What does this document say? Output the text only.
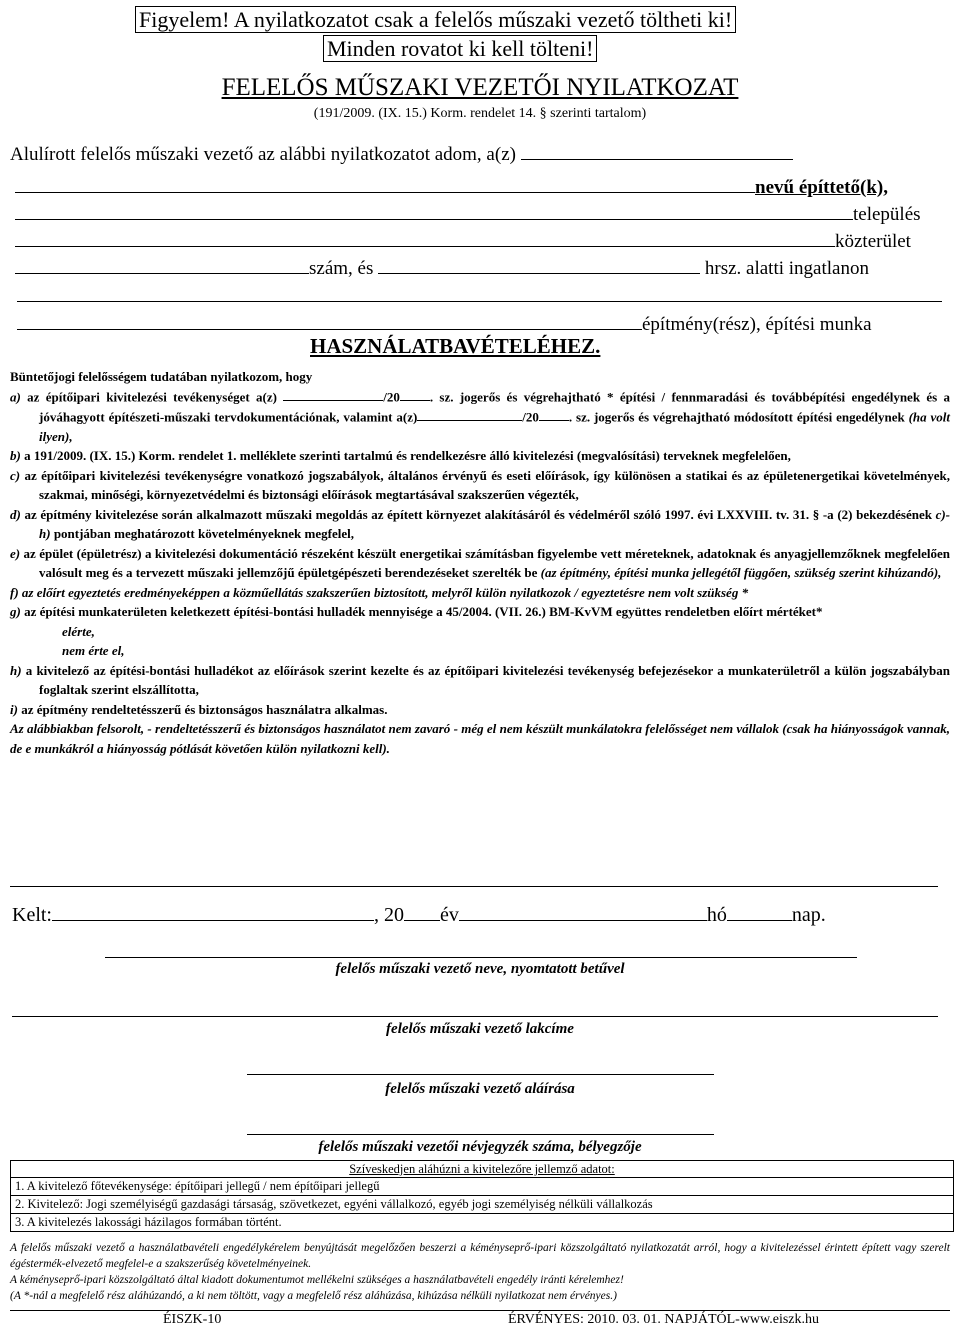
Figyelem! A nyilatkozatot csak a felelős műszaki vezető töltheti ki!
Minden rovatot ki kell tölteni!
FELELŐS MŰSZAKI VEZETŐI NYILATKOZAT
(191/2009. (IX. 15.) Korm. rendelet 14. § szerinti tartalom)
Alulírott felelős műszaki vezető az alábbi nyilatkozatot adom, a(z)
nevű építtető(k),
település
közterület
szám, és	hrsz. alatti ingatlanon
építmény(rész), építési munka
HASZNÁLATBAVÉTELÉHEZ.

Büntetőjogi felelősségem tudatában nyilatkozom, hogy

a) az építőipari kivitelezési tevékenységet a(z)	/20 . sz. jogerős és végrehajtható * építési / fennmaradási és továbbépítési engedélynek és a jóváhagyott építészeti-műszaki tervdokumentációnak, valamint a(z)	/20 . sz. jogerős és végrehajtható módosított építési engedélynek (ha volt ilyen),

b) a 191/2009. (IX. 15.) Korm. rendelet 1. melléklete szerinti tartalmú és rendelkezésre álló kivitelezési (megvalósítási) terveknek megfelelően,

c) az építőipari kivitelezési tevékenységre vonatkozó jogszabályok, általános érvényű és eseti előírások, így különösen a statikai és az épületenergetikai követelmények, szakmai, minőségi, környezetvédelmi és biztonsági előírások megtartásával szakszerűen végezték,

d) az építmény kivitelezése során alkalmazott műszaki megoldás az épített környezet alakításáról és védelméről szóló 1997. évi LXXVIII. tv. 31. § -a (2) bekezdésének c)-h) pontjában meghatározott követelményeknek megfelel,

e) az épület (épületrész) a kivitelezési dokumentáció részeként készült energetikai számításban figyelembe vett méreteknek, adatoknak és anyagjellemzőknek megfelelően valósult meg és a tervezett műszaki jellemzőjű épületgépészeti berendezéseket szerelték be (az építmény, építési munka jellegétől függően, szükség szerint kihúzandó),

f) az előírt egyeztetés eredményeképpen a közműellátás szakszerűen biztosított, melyről külön nyilatkozok / egyeztetésre nem volt szükség *

g) az építési munkaterületen keletkezett építési-bontási hulladék mennyisége a 45/2004. (VII. 26.) BM-KvVM együttes rendeletben előírt mértéket*

elérte,

nem érte el,

h) a kivitelező az építési-bontási hulladékot az előírások szerint kezelte és az építőipari kivitelezési tevékenység befejezésekor a munkaterületről a külön jogszabályban foglaltak szerint elszállította,

i) az építmény rendeltetésszerű és biztonságos használatra alkalmas.

Az alábbiakban felsorolt, - rendeltetésszerű és biztonságos használatot nem zavaró - még el nem készült munkálatokra felelősséget nem vállalok (csak ha hiányosságok vannak, de e munkákról a hiányosság pótlását követően külön nyilatkozni kell).

Kelt:	, 20 év	hó	nap.
felelős műszaki vezető neve, nyomtatott betűvel
felelős műszaki vezető lakcíme
felelős műszaki vezető aláírása
felelős műszaki vezetői névjegyzék száma, bélyegzője
Szíveskedjen aláhúzni a kivitelezőre jellemző adatot:
1. A kivitelező főtevékenysége: építőipari jellegű / nem építőipari jellegű
2. Kivitelező: Jogi személyiségű gazdasági társaság, szövetkezet, egyéni vállalkozó, egyéb jogi személyiség nélküli vállalkozás
3. A kivitelezés lakossági házilagos formában történt.

A felelős műszaki vezető a használatbavételi engedélykérelem benyújtását megelőzően beszerzi a kéményseprő-ipari közszolgáltató nyilatkozatát arról, hogy a kivitelezéssel érintett épített vagy szerelt égéstermék-elvezető megfelel-e a szakszerűség követelményeinek.

A kéményseprő-ipari közszolgáltató által kiadott dokumentumot mellékelni szükséges a használatbavételi engedély iránti kérelemhez!

(A *-nál a megfelelő rész aláhúzandó, a ki nem töltött, vagy a megfelelő rész aláhúzása, kihúzása nélküli nyilatkozat nem érvényes.)

ÉISZK-10	ÉRVÉNYES: 2010. 03. 01. NAPJÁTÓL-www.eiszk.hu
